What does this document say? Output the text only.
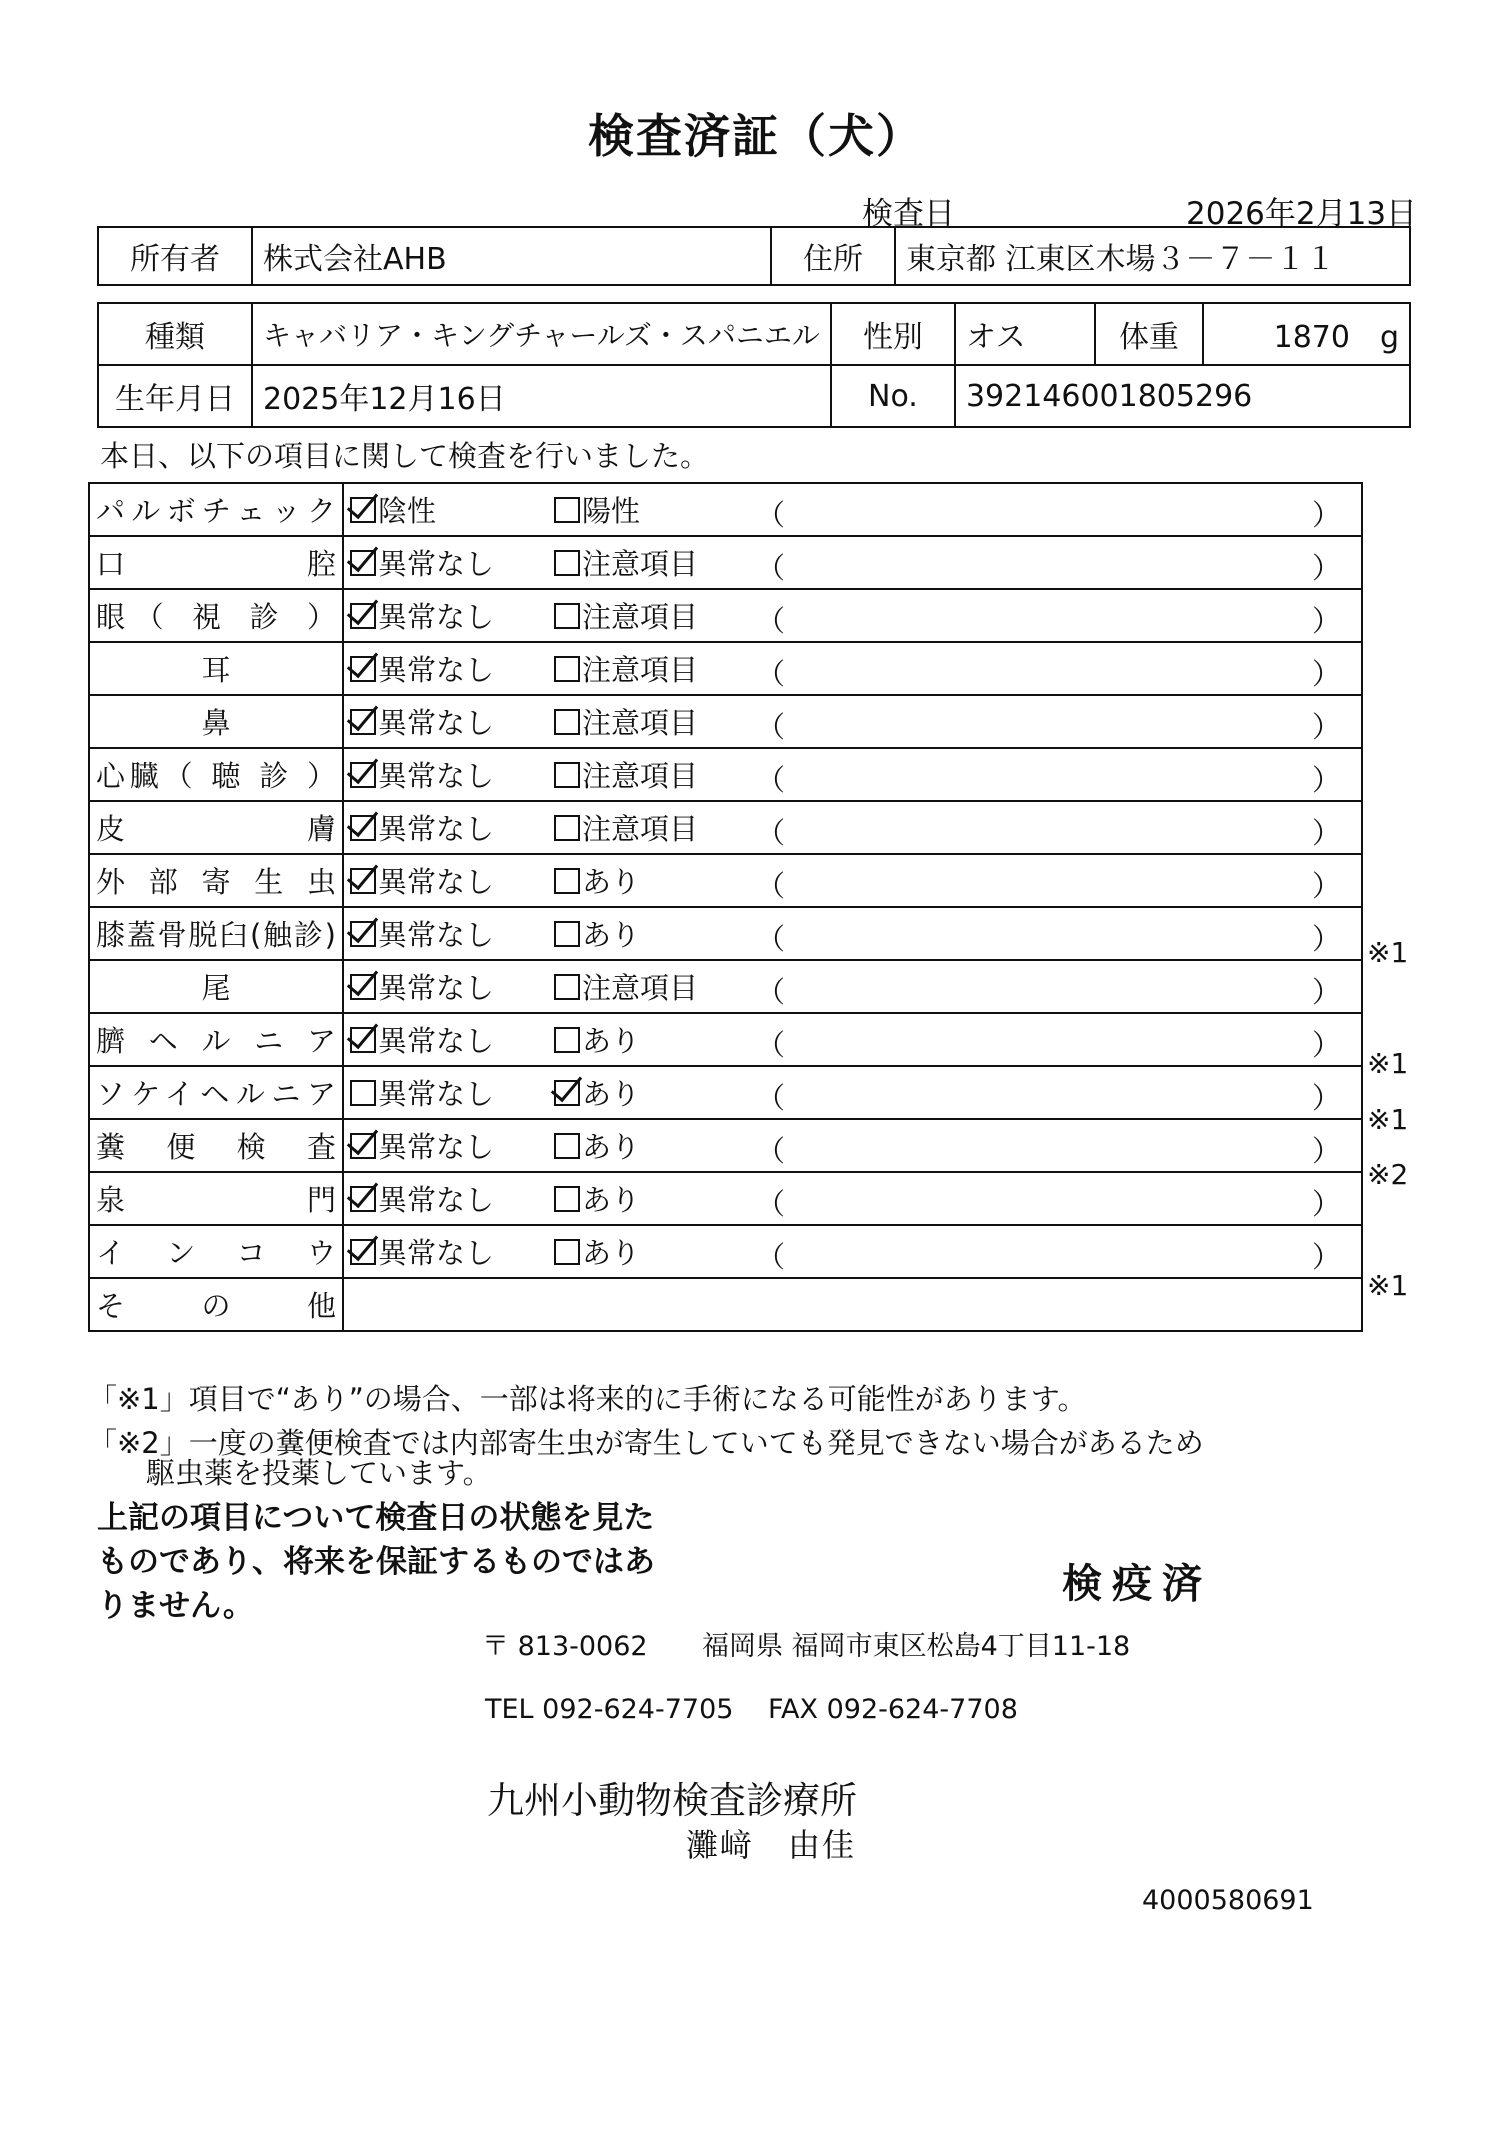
検査済証（犬）
検査日	2026年2月13日
所有者	株式会社AHB	住所	東京都 江東区木場３－７－１１
種類	キャバリア・キングチャールズ・スパニエル	性別	オス	体重	1870　g
生年月日	2025年12月16日	No.	392146001805296		
本日、以下の項目に関して検査を行いました。
パルボチェック	陰性 陽性 （ ）

口　　　　　腔	異常なし 注意項目 （ ）

眼（ 視 診 ）	異常なし 注意項目 （ ）

耳	異常なし 注意項目 （ ）

鼻	異常なし 注意項目 （ ）

心臓（ 聴 診 ）	異常なし 注意項目 （ ）

皮　　　　　膚	異常なし 注意項目 （ ）

外部寄生虫	異常なし あり （ ）

膝蓋骨脱臼(触診)	異常なし あり （ ）

尾	異常なし 注意項目 （ ）

臍ヘルニア	異常なし あり （ ）

ソケイヘルニア	異常なし あり （ ）

糞便検査	異常なし あり （ ）

泉　　　　　門	異常なし あり （ ）

インコウ	異常なし あり （ ）

その他	

※1
※1
※1
※2
※1
「※1」項目で“あり”の場合、一部は将来的に手術になる可能性があります。
「※2」一度の糞便検査では内部寄生虫が寄生していても発見できない場合があるため
　　駆虫薬を投薬しています。
上記の項目について検査日の状態を見たものであり、将来を保証するものではありません。	検疫済
〒 813-0062 福岡県 福岡市東区松島4丁目11-18
TEL 092-624-7705 FAX 092-624-7708
九州小動物検査診療所
灘﨑　由佳
4000580691
